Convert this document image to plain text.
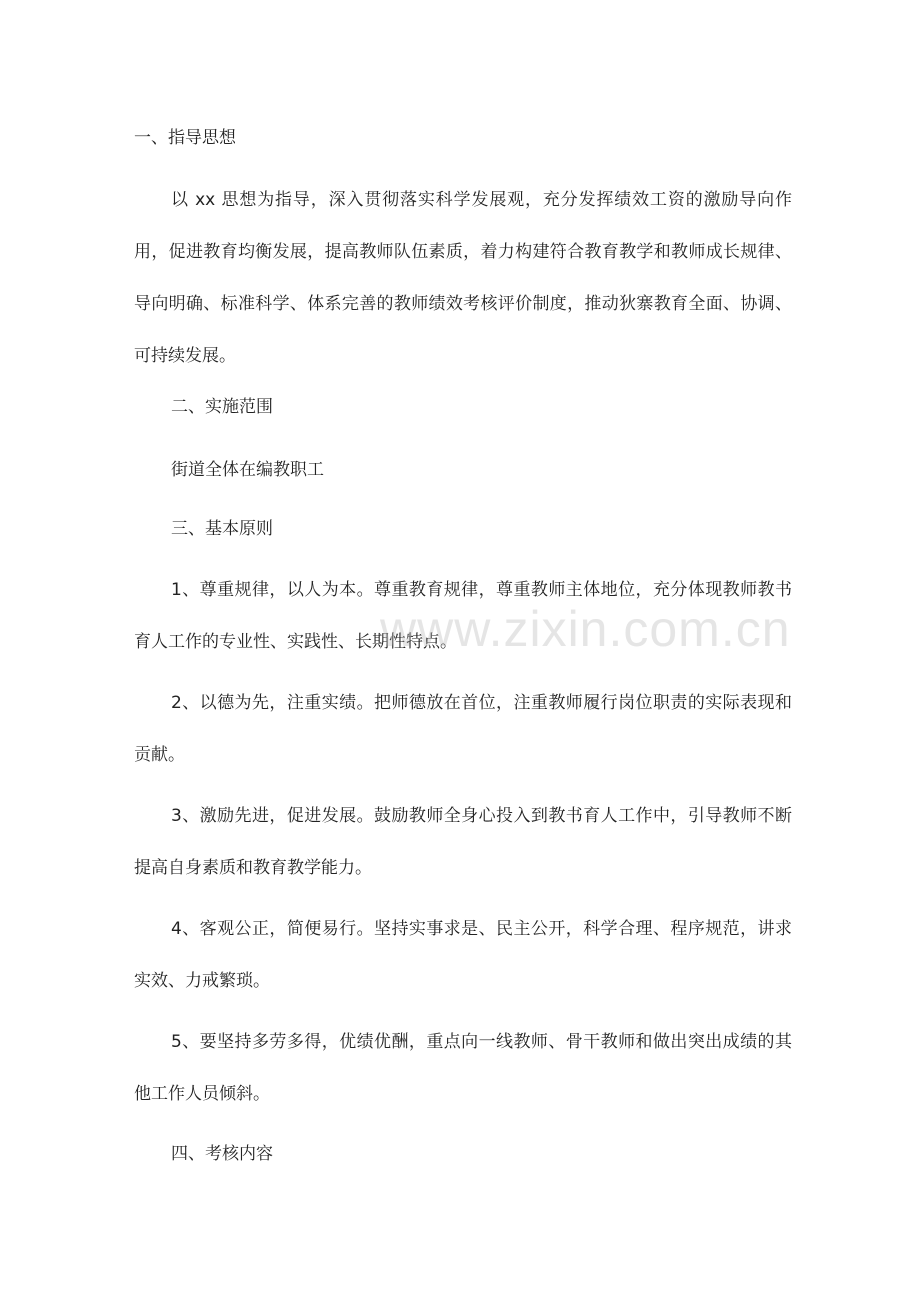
一、指导思想

以 xx 思想为指导，深入贯彻落实科学发展观，充分发挥绩效工资的激励导向作用，促进教育均衡发展，提高教师队伍素质，着力构建符合教育教学和教师成长规律、导向明确、标准科学、体系完善的教师绩效考核评价制度，推动狄寨教育全面、协调、可持续发展。

二、实施范围

街道全体在编教职工

三、基本原则

1、尊重规律，以人为本。尊重教育规律，尊重教师主体地位，充分体现教师教书育人工作的专业性、实践性、长期性特点。

2、以德为先，注重实绩。把师德放在首位，注重教师履行岗位职责的实际表现和贡献。

3、激励先进，促进发展。鼓励教师全身心投入到教书育人工作中，引导教师不断提高自身素质和教育教学能力。

4、客观公正，简便易行。坚持实事求是、民主公开，科学合理、程序规范，讲求实效、力戒繁琐。

5、要坚持多劳多得，优绩优酬，重点向一线教师、骨干教师和做出突出成绩的其他工作人员倾斜。

四、考核内容
www.zixin.com.cn
